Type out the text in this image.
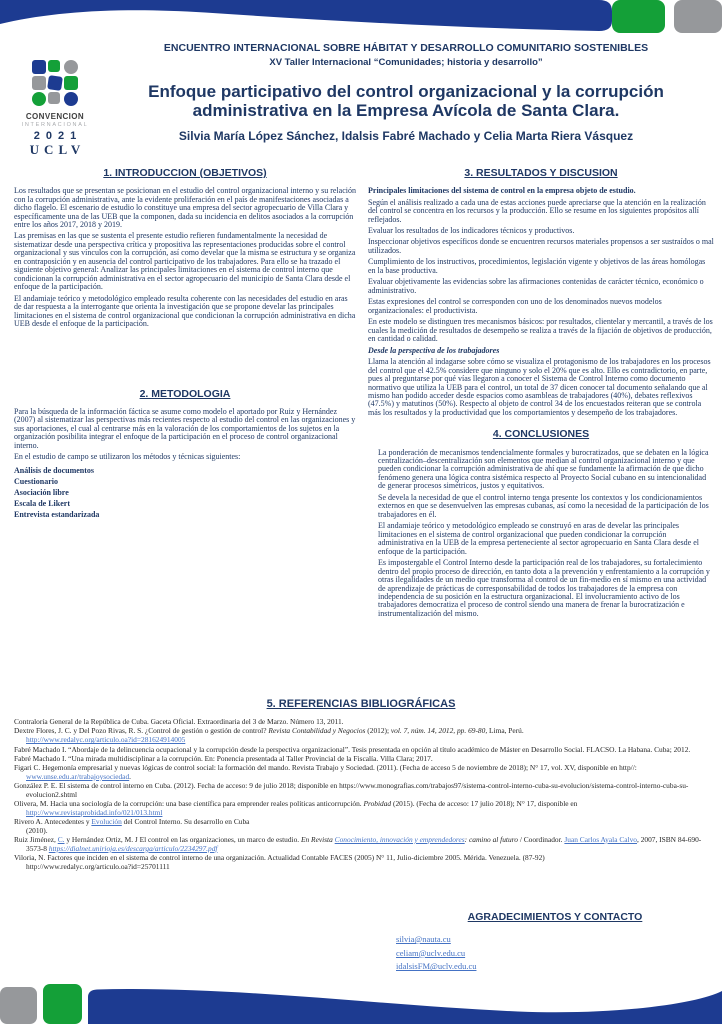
CONVENCION
INTERNACIONAL
2021
UCLV
ENCUENTRO INTERNACIONAL SOBRE HÁBITAT Y DESARROLLO COMUNITARIO SOSTENIBLES
XV Taller Internacional “Comunidades; historia y desarrollo”
Enfoque participativo del control organizacional y la corrupción administrativa en la Empresa Avícola de Santa Clara.
Silvia María López Sánchez, Idalsis Fabré Machado y Celia Marta Riera Vásquez
1. INTRODUCCION (OBJETIVOS)
Los resultados que se presentan se posicionan en el estudio del control organizacional interno y su relación con la corrupción administrativa, ante la evidente proliferación en el país de manifestaciones asociadas a dicho flagelo. El escenario de estudio lo constituye una empresa del sector agropecuario de Villa Clara y específicamente una de las UEB que la componen, dada su incidencia en delitos asociados a la corrupción entre los años 2017, 2018 y 2019.
Las premisas en las que se sustenta el presente estudio refieren fundamentalmente la necesidad de sistematizar desde una perspectiva crítica y propositiva las representaciones producidas sobre el control organizacional y sus vínculos con la corrupción, así como develar que la misma se estructura y se organiza en contraposición y en ausencia del control participativo de los trabajadores. Para ello se ha trazado el siguiente objetivo general: Analizar las principales limitaciones en el sistema de control interno que condicionan la corrupción administrativa en el sector agropecuario del municipio de Santa Clara desde el enfoque de la participación.
El andamiaje teórico y metodológico empleado resulta coherente con las necesidades del estudio en aras de dar respuesta a la interrogante que orienta la investigación que se propone develar las principales limitaciones en el sistema de control organizacional que condicionan la corrupción administrativa en dicha UEB desde el enfoque de la participación.
2. METODOLOGIA
Para la búsqueda de la información fáctica se asume como modelo el aportado por Ruiz y Hernández (2007) al sistematizar las perspectivas más recientes respecto al estudio del control en las organizaciones y sus aportaciones, el cual al centrarse más en la valoración de los comportamientos de los sujetos en la organización posibilita integrar el enfoque de la participación en el proceso de control organizacional interno.
En el estudio de campo se utilizaron los métodos y técnicas siguientes:
Análisis de documentos
Cuestionario
Asociación libre
Escala de Likert
Entrevista estandarizada
3. RESULTADOS Y DISCUSION
Principales limitaciones del sistema de control en la empresa objeto de estudio.
Según el análisis realizado a cada una de estas acciones puede apreciarse que la atención en la realización del control se concentra en los recursos y la producción. Ello se resume en los siguientes propósitos allí reflejados.
Evaluar los resultados de los indicadores técnicos y productivos.
Inspeccionar objetivos específicos donde se encuentren recursos materiales propensos a ser sustraídos o mal utilizados.
Cumplimiento de los instructivos, procedimientos, legislación vigente y objetivos de las áreas homólogas en la base productiva.
Evaluar objetivamente las evidencias sobre las afirmaciones contenidas de carácter técnico, económico o administrativo.
Estas expresiones del control se corresponden con uno de los denominados nuevos modelos organizacionales: el productivista.
En este modelo se distinguen tres mecanismos básicos: por resultados, clientelar y mercantil, a través de los cuales la medición de resultados de desempeño se realiza a través de la fijación de objetivos de producción, en cantidad o calidad.
Desde la perspectiva de los trabajadores
Llama la atención al indagarse sobre cómo se visualiza el protagonismo de los trabajadores en los procesos del control que el 42.5% considere que ninguno y solo el 20% que es alto. Ello es contradictorio, en parte, pues al preguntarse por qué vías llegaron a conocer el Sistema de Control Interno como documento normativo que utiliza la UEB para el control, un total de 37 dicen conocer tal documento señalando que al mismo han podido acceder desde espacios como asambleas de trabajadores (40%), debates reflexivos (47.5%) y matutinos (50%). Respecto al objeto de control 34 de los encuestados reiteran que se controla más los resultados y la productividad que los comportamientos y desempeño de los trabajadores.
4. CONCLUSIONES
La ponderación de mecanismos tendencialmente formales y burocratizados, que se debaten en la lógica centralización–descentralización son elementos que median al control organizacional interno y que pueden condicionar la corrupción administrativa de ahí que se fundamente la afirmación de que dicho fenómeno genera una lógica contra sistémica respecto al Proyecto Social cubano en su intencionalidad de generar procesos simétricos, justos y equitativos.
Se devela la necesidad de que el control interno tenga presente los contextos y los condicionamientos externos en que se desenvuelven las empresas cubanas, así como la necesidad de la participación de los trabajadores en él.
El andamiaje teórico y metodológico empleado se construyó en aras de develar las principales limitaciones en el sistema de control organizacional que pueden condicionar la corrupción administrativa en la UEB de la empresa perteneciente al sector agropecuario en Santa Clara desde el enfoque de la participación.
Es impostergable el Control Interno desde la participación real de los trabajadores, su fortalecimiento dentro del propio proceso de dirección, en tanto dota a la prevención y enfrentamiento a la corrupción y otras ilegalidades de un medio que transforma al control de un fin-medio en sí mismo en una actividad de aprendizaje de prácticas de corresponsabilidad de todos los trabajadores de la empresa con independencia de su posición en la estructura organizacional. El involucramiento activo de los trabajadores democratiza el proceso de control siendo una manera de frenar la burocratización e instrumentalización del mismo.
5. REFERENCIAS BIBLIOGRÁFICAS
Contraloría General de la República de Cuba. Gaceta Oficial. Extraordinaria del 3 de Marzo. Número 13, 2011.
Dextre Flores, J. C. y Del Pozo Rivas, R. S. ¿Control de gestión o gestión de control? Revista Contabilidad y Negocios (2012); vol. 7, núm. 14, 2012, pp. 69-80, Lima, Perú.
http://www.redalyc.org/articulo.oa?id=281624914005
Fabré Machado I. “Abordaje de la delincuencia ocupacional y la corrupción desde la perspectiva organizacional”. Tesis presentada en opción al título académico de Máster en Desarrollo Social. FLACSO. La Habana. Cuba; 2012.
Fabré Machado I. “Una mirada multidisciplinar a la corrupción. En: Ponencia presentada al Taller Provincial de la Fiscalía. Villa Clara; 2017.
Figari C. Hegemonía empresarial y nuevas lógicas de control social: la formación del mando. Revista Trabajo y Sociedad. (2011). (Fecha de acceso 5 de noviembre de 2018); N° 17, vol. XV, disponible en http//: www.unse.edu.ar/trabajoysociedad.
González P. E. El sistema de control interno en Cuba. (2012). Fecha de acceso: 9 de julio 2018; disponible en https://www.monografias.com/trabajos97/sistema-control-interno-cuba-su-evolucion/sistema-control-interno-cuba-su-evolucion2.shtml
Olivera, M. Hacia una sociología de la corrupción: una base científica para emprender reales políticas anticorrupción. Probidad (2015). (Fecha de acceso: 17 julio 2018); N° 17, disponible en http://www.revistaprobidad.info/021/013.html
Rivero A. Antecedentes y Evolución del Control Interno. Su desarrollo en Cuba
(2010).
Ruiz Jiménez, C. y Hernández Ortiz, M. J El control en las organizaciones, un marco de estudio. En Revista Conocimiento, innovación y emprendedores: camino al futuro / Coordinador. Juan Carlos Ayala Calvo, 2007, ISBN 84-690-3573-8 https://dialnet.unirioja.es/descarga/articulo/2234297.pdf
Viloria, N. Factores que inciden en el sistema de control interno de una organización. Actualidad Contable FACES (2005) N° 11, Julio-diciembre 2005. Mérida. Venezuela. (87-92)
http://www.redalyc.org/articulo.oa?id=25701111
AGRADECIMIENTOS Y CONTACTO
silvia@nauta.cu
celiam@uclv.edu.cu
idalsisFM@uclv.edu.cu
